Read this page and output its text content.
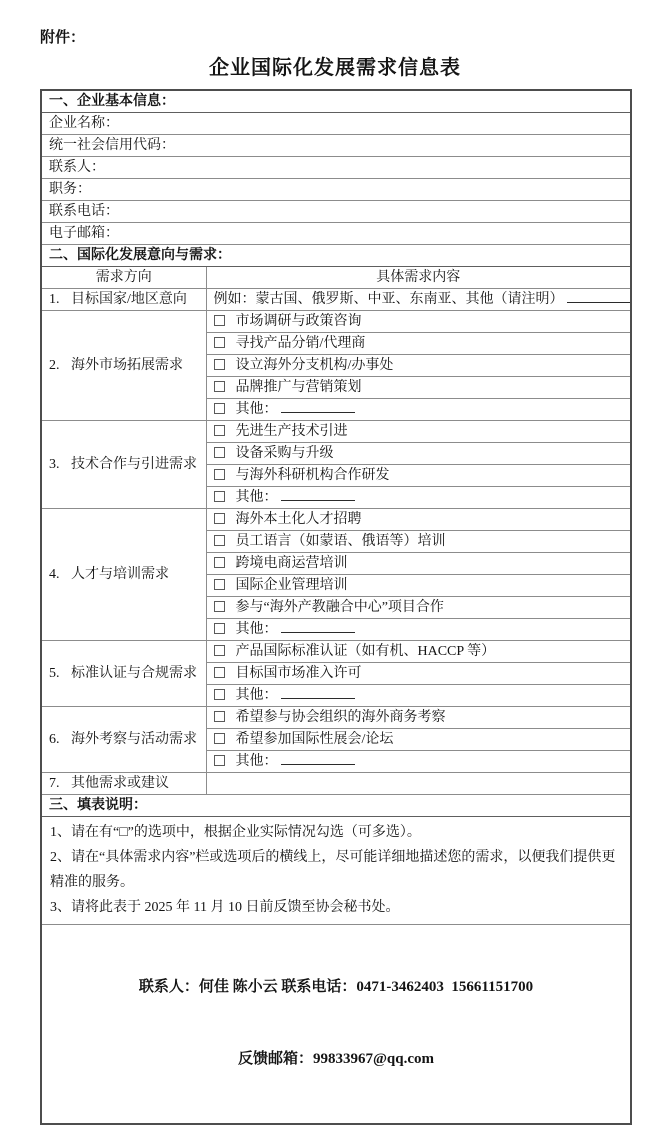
附件：
企业国际化发展需求信息表
一、企业基本信息：	
企业名称：	
统一社会信用代码：	
联系人：	
职务：	
联系电话：	
电子邮箱：	
二、国际化发展意向与需求：	
需求方向	具体需求内容
1. 目标国家/地区意向	例如：蒙古国、俄罗斯、中亚、东南亚、其他（请注明）
2. 海外市场拓展需求	市场调研与政策咨询
	寻找产品分销/代理商
	设立海外分支机构/办事处
	品牌推广与营销策划
	其他：
3. 技术合作与引进需求	先进生产技术引进
	设备采购与升级
	与海外科研机构合作研发
	其他：
4. 人才与培训需求	海外本土化人才招聘
	员工语言（如蒙语、俄语等）培训
	跨境电商运营培训
	国际企业管理培训
	参与“海外产教融合中心”项目合作
	其他：
5. 标准认证与合规需求	产品国际标准认证（如有机、HACCP 等）
	目标国市场准入许可
	其他：
6. 海外考察与活动需求	希望参与协会组织的海外商务考察
	希望参加国际性展会/论坛
	其他：
7. 其他需求或建议	
三、填表说明：	

1、请在有“□”的选项中，根据企业实际情况勾选（可多选）。
2、请在“具体需求内容”栏或选项后的横线上，尽可能详细地描述您的需求，以便我们提供更精准的服务。
3、请将此表于 2025 年 11 月 10 日前反馈至协会秘书处。	

联系人：何佳 陈小云 联系电话：0471-3462403  15661151700

反馈邮箱：99833967@qq.com	
